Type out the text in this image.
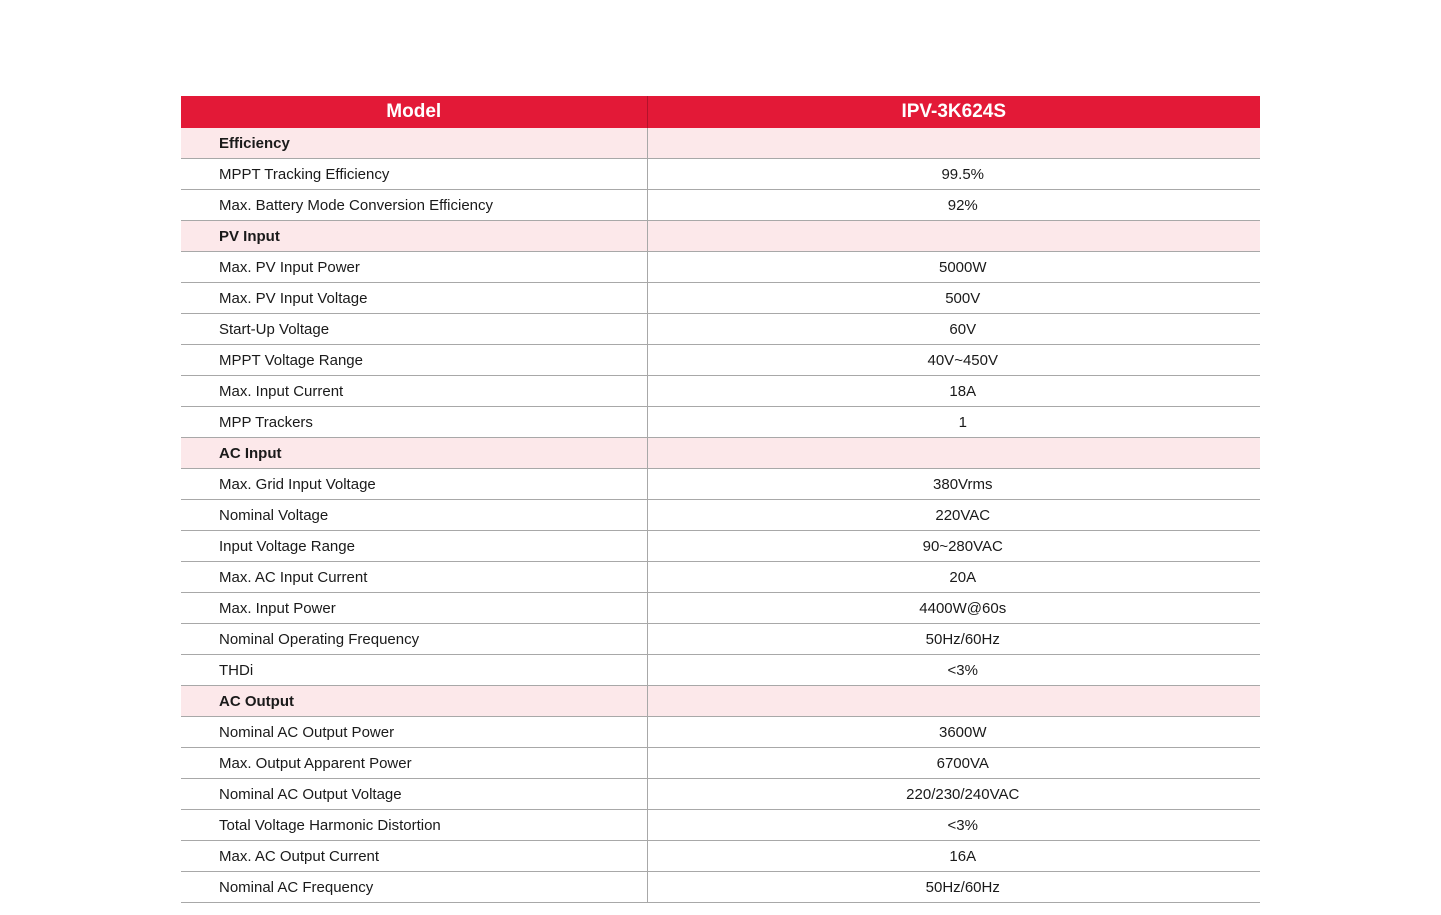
Model	IPV-3K624S
Efficiency	
MPPT Tracking Efficiency	99.5%
Max. Battery Mode Conversion Efficiency	92%
PV Input	
Max. PV Input Power	5000W
Max. PV Input Voltage	500V
Start-Up Voltage	60V
MPPT Voltage Range	40V~450V
Max. Input Current	18A
MPP Trackers	1
AC Input	
Max. Grid Input Voltage	380Vrms
Nominal Voltage	220VAC
Input Voltage Range	90~280VAC
Max. AC Input Current	20A
Max. Input Power	4400W@60s
Nominal Operating Frequency	50Hz/60Hz
THDi	<3%
AC Output	
Nominal AC Output Power	3600W
Max. Output Apparent Power	6700VA
Nominal AC Output Voltage	220/230/240VAC
Total Voltage Harmonic Distortion	<3%
Max. AC Output Current	16A
Nominal AC Frequency	50Hz/60Hz
